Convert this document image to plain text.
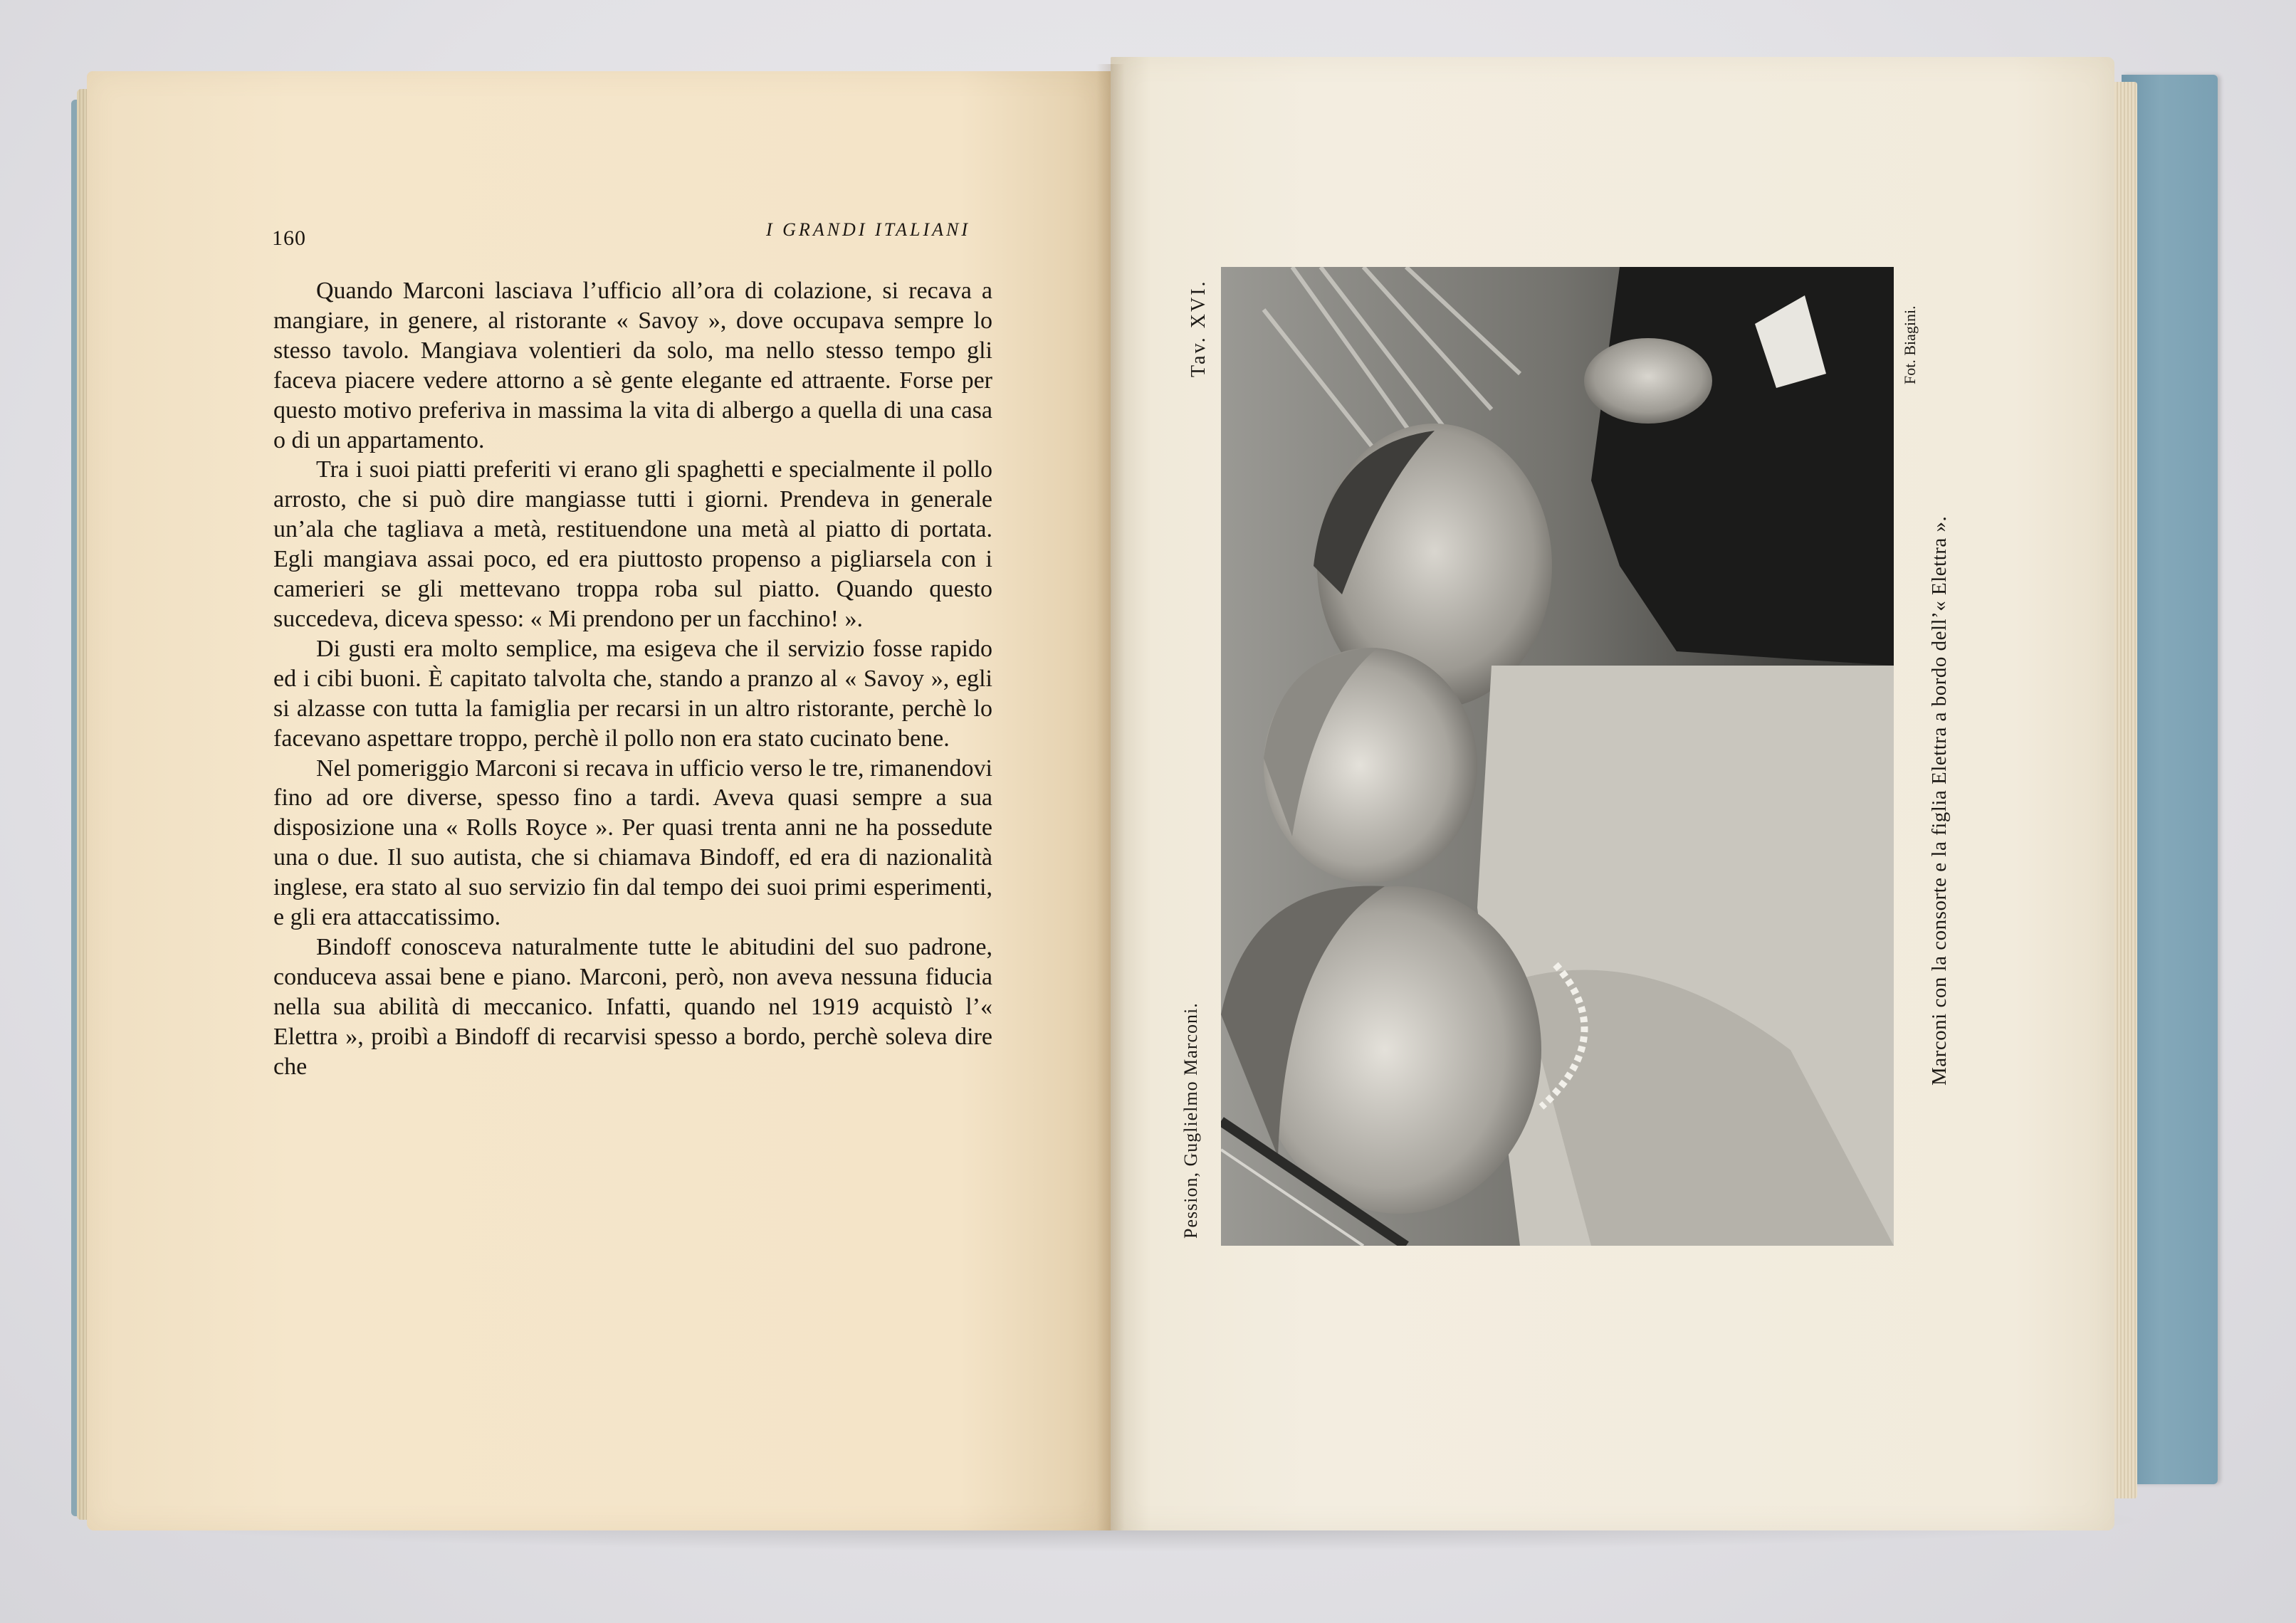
160	I GRANDI ITALIANI

Quando Marconi lasciava l’ufficio all’ora di colazione, si recava a mangiare, in genere, al ristorante « Savoy », dove occupava sempre lo stesso tavolo. Mangiava volentieri da solo, ma nello stesso tempo gli faceva piacere vedere attorno a sè gente elegante ed attraente. Forse per questo motivo preferiva in massima la vita di albergo a quella di una casa o di un appartamento.

Tra i suoi piatti preferiti vi erano gli spaghetti e specialmente il pollo arrosto, che si può dire mangiasse tutti i giorni. Prendeva in generale un’ala che tagliava a metà, restituendone una metà al piatto di portata. Egli mangiava assai poco, ed era piuttosto propenso a pigliarsela con i camerieri se gli mettevano troppa roba sul piatto. Quando questo succedeva, diceva spesso: « Mi prendono per un facchino! ».

Di gusti era molto semplice, ma esigeva che il servizio fosse rapido ed i cibi buoni. È capitato talvolta che, stando a pranzo al « Savoy », egli si alzasse con tutta la famiglia per recarsi in un altro ristorante, perchè lo facevano aspettare troppo, perchè il pollo non era stato cucinato bene.

Nel pomeriggio Marconi si recava in ufficio verso le tre, rimanendovi fino ad ore diverse, spesso fino a tardi. Aveva quasi sempre a sua disposizione una « Rolls Royce ». Per quasi trenta anni ne ha possedute una o due. Il suo autista, che si chiamava Bindoff, ed era di nazionalità inglese, era stato al suo servizio fin dal tempo dei suoi primi esperimenti, e gli era attaccatissimo.

Bindoff conosceva naturalmente tutte le abitudini del suo padrone, conduceva assai bene e piano. Marconi, però, non aveva nessuna fiducia nella sua abilità di meccanico. Infatti, quando nel 1919 acquistò l’« Elettra », proibì a Bindoff di recarvisi spesso a bordo, perchè soleva dire che

Tav. XVI.
Pession, Guglielmo Marconi.
Fot. Biagini.
Marconi con la consorte e la figlia Elettra a bordo dell’« Elettra ».
